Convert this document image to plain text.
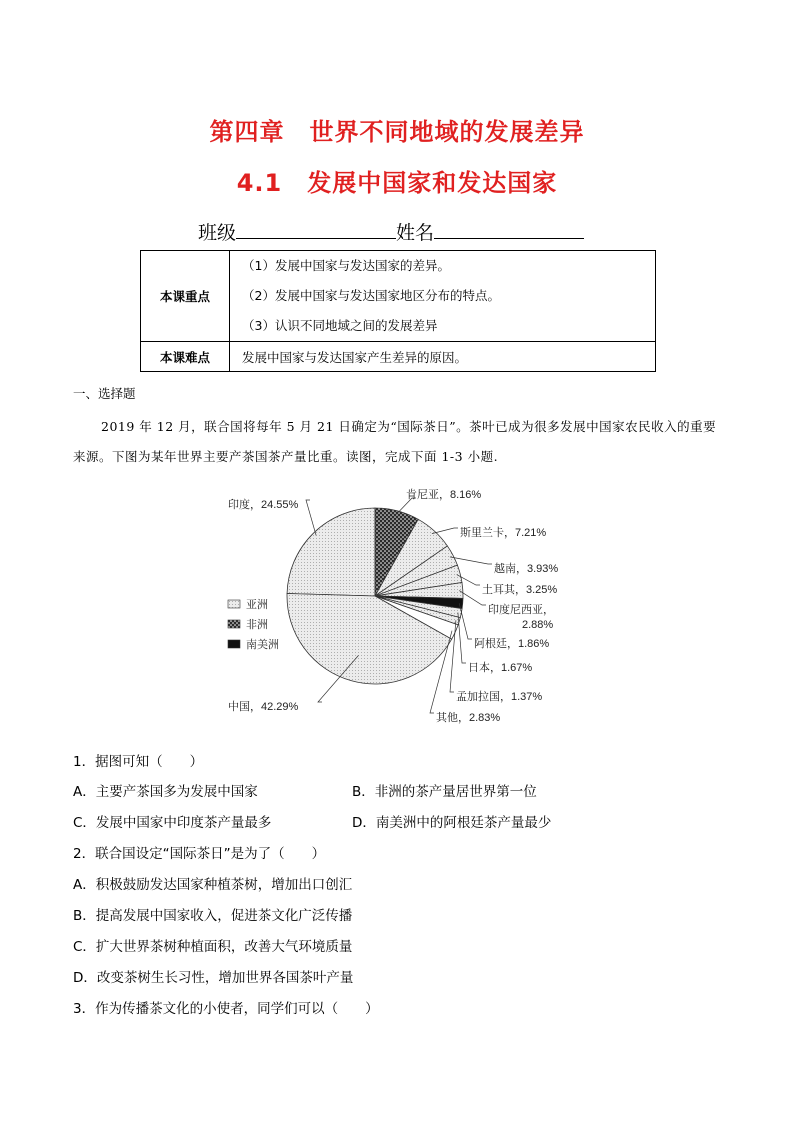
第四章　世界不同地域的发展差异
4.1　发展中国家和发达国家
班级	姓名
本课重点	（1）发展中国家与发达国家的差异。
（2）发展中国家与发达国家地区分布的特点。
（3）认识不同地域之间的发展差异

本课难点	发展中国家与发达国家产生差异的原因。
一、选择题
2019 年 12 月，联合国将每年 5 月 21 日确定为“国际茶日”。茶叶已成为很多发展中国家农民收入的重要来源。下图为某年世界主要产茶国茶产量比重。读图，完成下面 1-3 小题.
印度，24.55%
肯尼亚，8.16%
斯里兰卡，7.21%
越南，3.93%
土耳其，3.25%
印度尼西亚，
2.88%
阿根廷，1.86%
日本，1.67%
孟加拉国，1.37%
其他，2.83%
中国，42.29%
亚洲
非洲
南美洲
1．据图可知（　　）
A．主要产茶国多为发展中国家	B．非洲的茶产量居世界第一位
C．发展中国家中印度茶产量最多	D．南美洲中的阿根廷茶产量最少
2．联合国设定“国际茶日”是为了（　　）
A．积极鼓励发达国家种植茶树，增加出口创汇
B．提高发展中国家收入，促进茶文化广泛传播
C．扩大世界茶树种植面积，改善大气环境质量
D．改变茶树生长习性，增加世界各国茶叶产量
3．作为传播茶文化的小使者，同学们可以（　　）
